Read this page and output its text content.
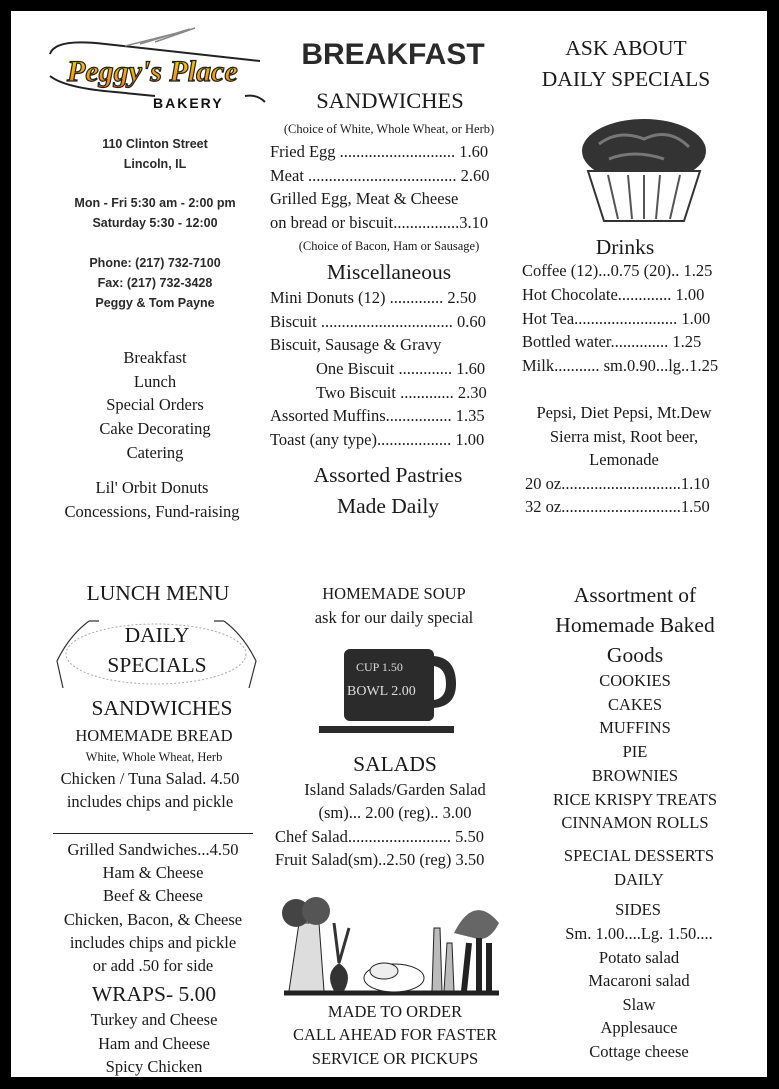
Peggy's Place
BAKERY
CUP 1.50
BOWL 2.00
110 Clinton Street
Lincoln, IL
Mon - Fri 5:30 am - 2:00 pm
Saturday 5:30 - 12:00
Phone: (217) 732-7100
Fax: (217) 732-3428
Peggy & Tom Payne
Breakfast
Lunch
Special Orders
Cake Decorating
Catering
Lil' Orbit Donuts
Concessions, Fund-raising
BREAKFAST
SANDWICHES
(Choice of White, Whole Wheat, or Herb)
Fried Egg ............................ 1.60
Meat .................................... 2.60
Grilled Egg, Meat & Cheese
on bread or biscuit................3.10
(Choice of Bacon, Ham or Sausage)
Miscellaneous
Mini Donuts (12) ............. 2.50
Biscuit ................................ 0.60
Biscuit, Sausage & Gravy
One Biscuit ............. 1.60
Two Biscuit ............. 2.30
Assorted Muffins................ 1.35
Toast (any type).................. 1.00
Assorted Pastries
Made Daily
ASK ABOUT
DAILY SPECIALS
Drinks
Coffee (12)...0.75 (20).. 1.25
Hot Chocolate............. 1.00
Hot Tea......................... 1.00
Bottled water.............. 1.25
Milk........... sm.0.90...lg..1.25
Pepsi, Diet Pepsi, Mt.Dew
Sierra mist, Root beer,
Lemonade
20 oz.............................1.10
32 oz.............................1.50
LUNCH MENU
DAILY
SPECIALS
SANDWICHES
HOMEMADE BREAD
White, Whole Wheat, Herb
Chicken / Tuna Salad. 4.50
includes chips and pickle
Grilled Sandwiches...4.50
Ham & Cheese
Beef & Cheese
Chicken, Bacon, & Cheese
includes chips and pickle
or add .50 for side
WRAPS- 5.00
Turkey and Cheese
Ham and Cheese
Spicy Chicken
HOMEMADE SOUP
ask for our daily special
SALADS
Island Salads/Garden Salad
(sm)... 2.00 (reg).. 3.00
Chef Salad......................... 5.50
Fruit Salad(sm)..2.50 (reg) 3.50
MADE TO ORDER
CALL AHEAD FOR FASTER
SERVICE OR PICKUPS
Assortment of
Homemade Baked
Goods
COOKIES
CAKES
MUFFINS
PIE
BROWNIES
RICE KRISPY TREATS
CINNAMON ROLLS
SPECIAL DESSERTS
DAILY
SIDES
Sm. 1.00....Lg. 1.50....
Potato salad
Macaroni salad
Slaw
Applesauce
Cottage cheese
